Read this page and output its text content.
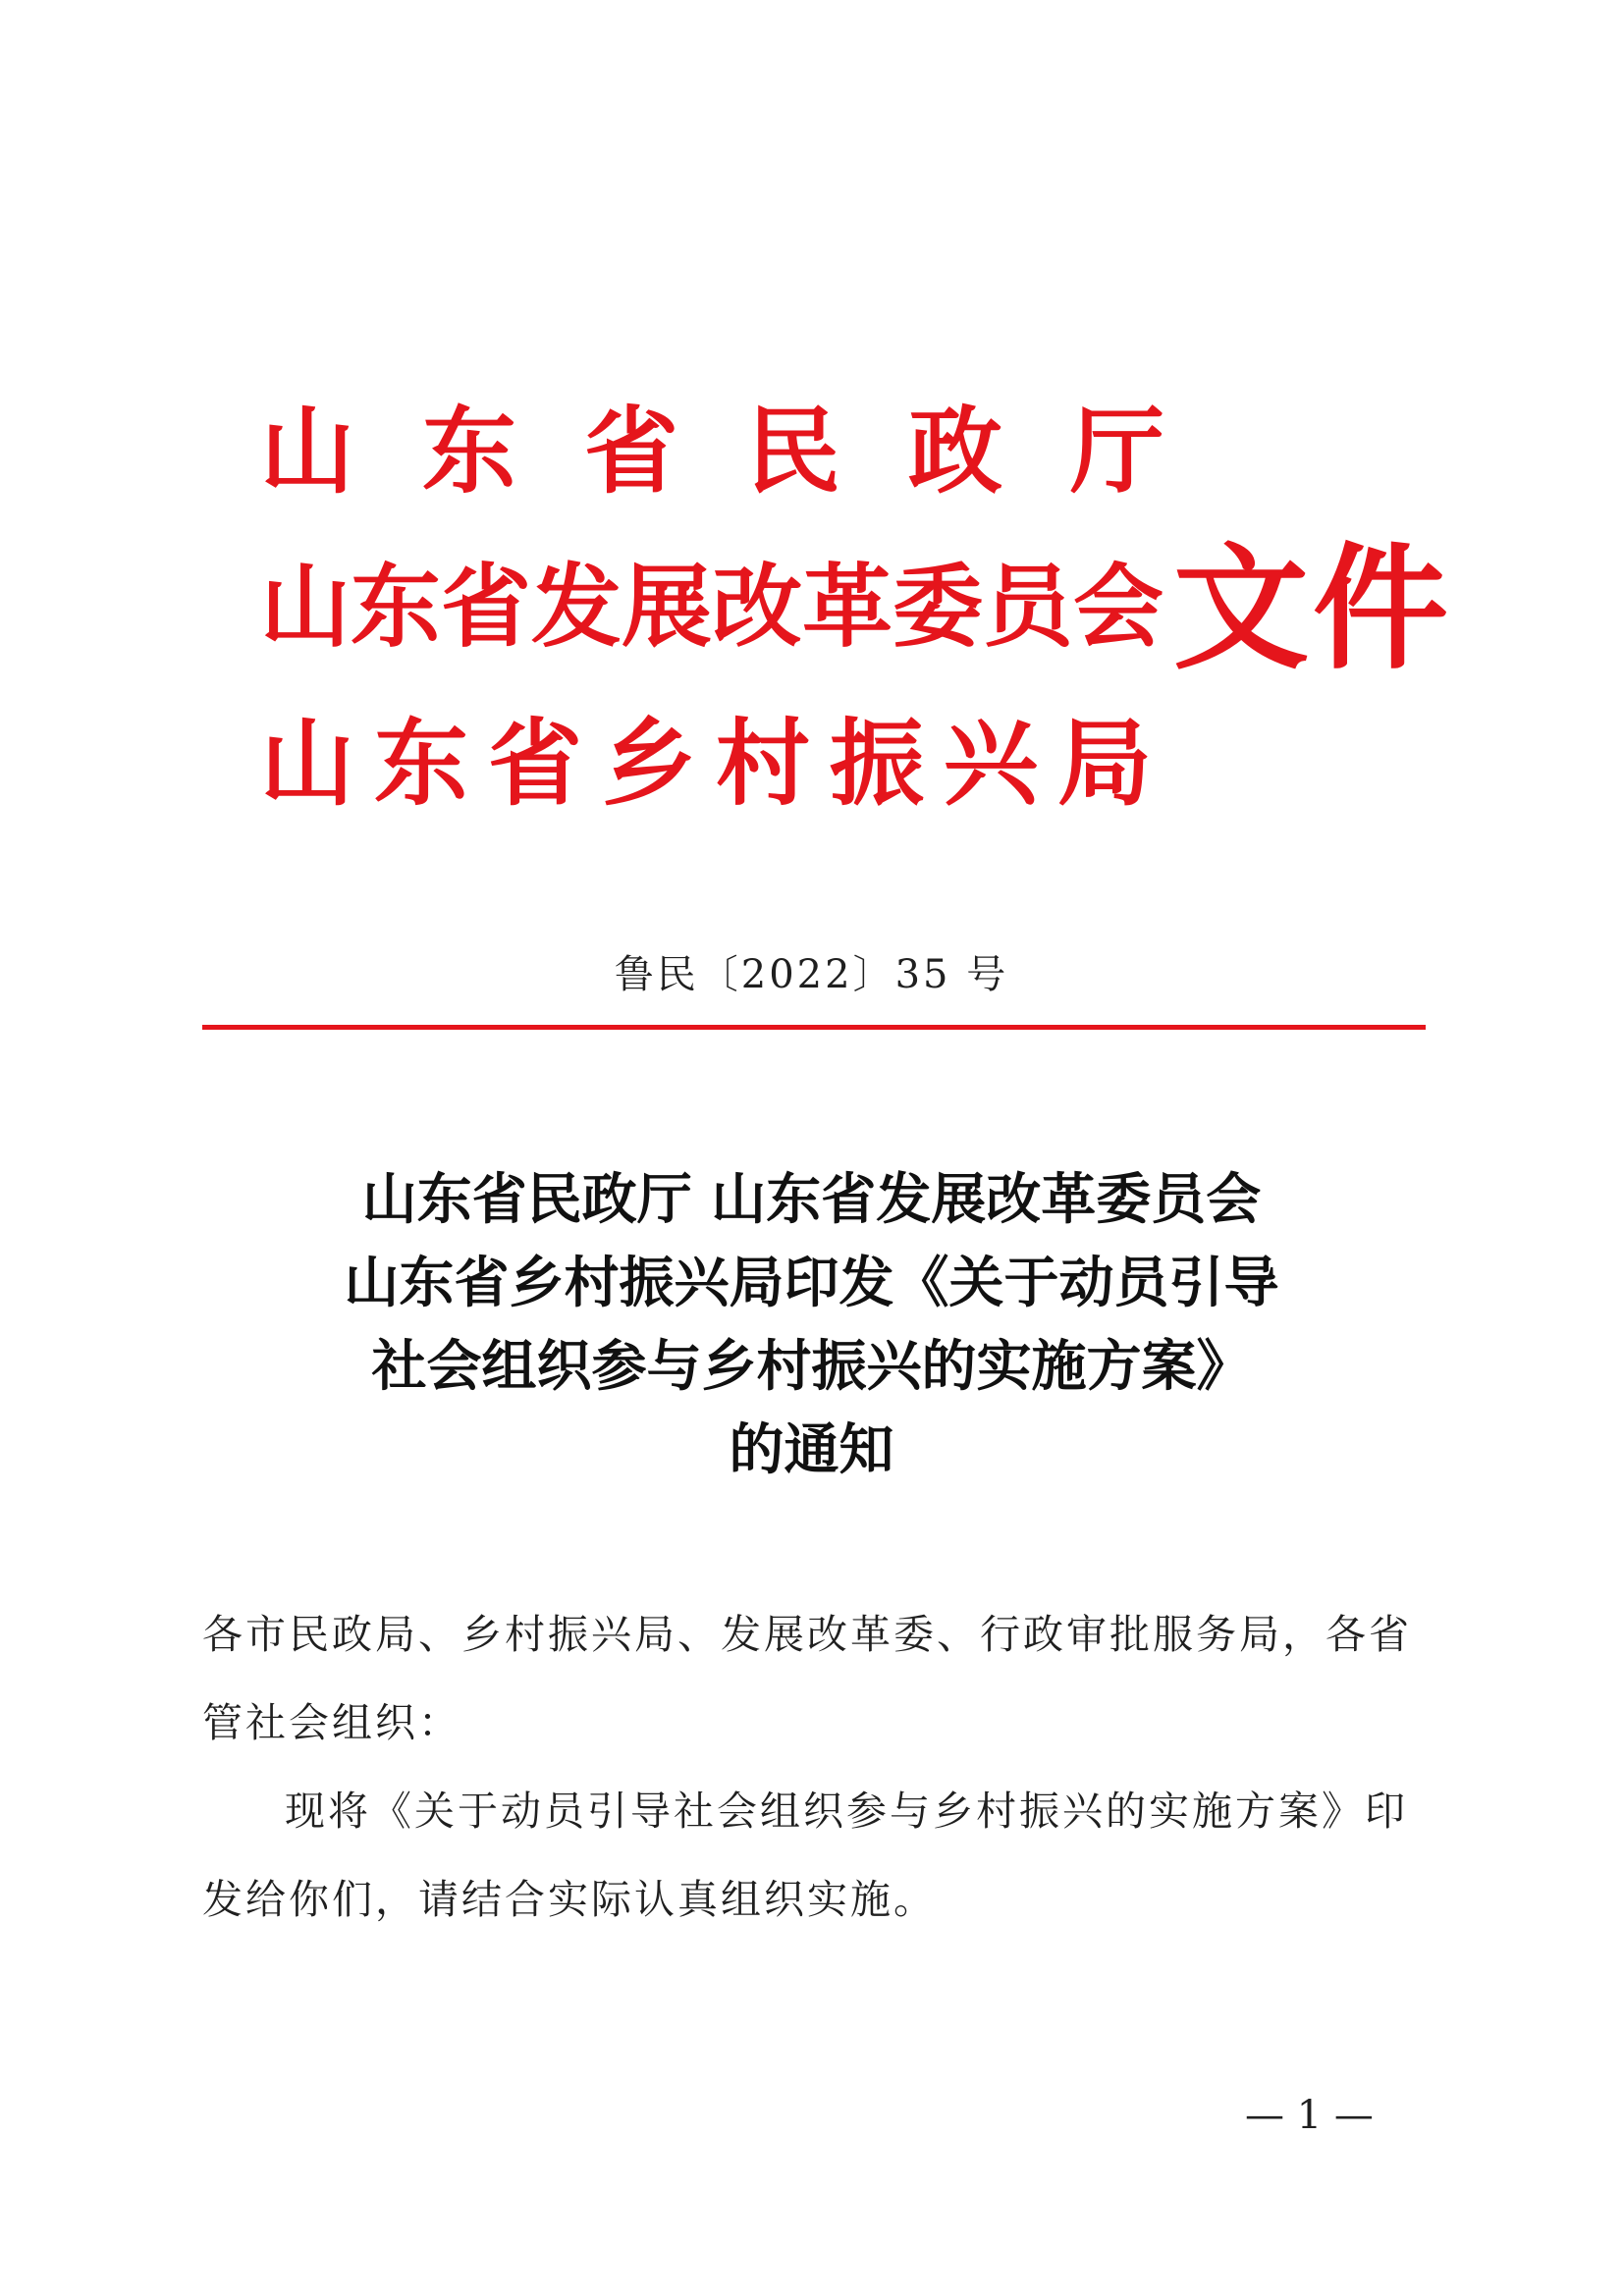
山东省民政厅
山东省发展改革委员会
山东省乡村振兴局
文件
鲁民〔2022〕35 号
山东省民政厅 山东省发展改革委员会
山东省乡村振兴局印发《关于动员引导
社会组织参与乡村振兴的实施方案》
的通知

各市民政局、乡村振兴局、发展改革委、行政审批服务局，各省管社会组织：

现将《关于动员引导社会组织参与乡村振兴的实施方案》印发给你们，请结合实际认真组织实施。

— 1 —
